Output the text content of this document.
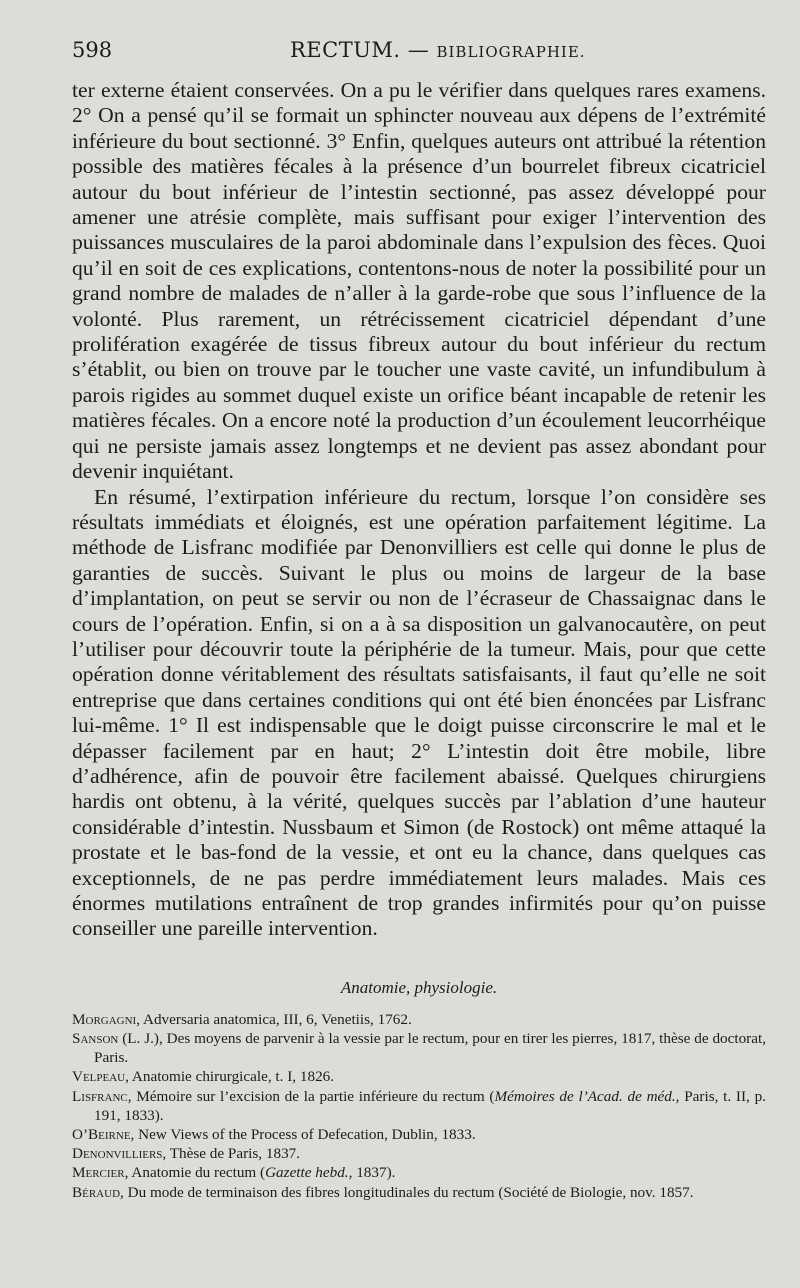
598	RECTUM. — BIBLIOGRAPHIE.

ter externe étaient conservées. On a pu le vérifier dans quelques rares examens. 2° On a pensé qu’il se formait un sphincter nouveau aux dépens de l’extrémité inférieure du bout sectionné. 3° Enfin, quelques auteurs ont attribué la rétention possible des matières fécales à la présence d’un bourrelet fibreux cicatriciel autour du bout inférieur de l’intestin sectionné, pas assez développé pour amener une atrésie complète, mais suffisant pour exiger l’intervention des puissances musculaires de la paroi abdominale dans l’expulsion des fèces. Quoi qu’il en soit de ces explications, contentons-nous de noter la possibilité pour un grand nombre de malades de n’aller à la garde-robe que sous l’influence de la volonté. Plus rarement, un rétrécissement cicatriciel dépendant d’une prolifération exagérée de tissus fibreux autour du bout inférieur du rectum s’établit, ou bien on trouve par le toucher une vaste cavité, un infundibulum à parois rigides au sommet duquel existe un orifice béant incapable de retenir les matières fécales. On a encore noté la production d’un écoulement leucorrhéique qui ne persiste jamais assez longtemps et ne devient pas assez abondant pour devenir inquiétant.

En résumé, l’extirpation inférieure du rectum, lorsque l’on considère ses résultats immédiats et éloignés, est une opération parfaitement légitime. La méthode de Lisfranc modifiée par Denonvilliers est celle qui donne le plus de garanties de succès. Suivant le plus ou moins de largeur de la base d’implantation, on peut se servir ou non de l’écraseur de Chassaignac dans le cours de l’opération. Enfin, si on a à sa disposition un galvanocautère, on peut l’utiliser pour découvrir toute la périphérie de la tumeur. Mais, pour que cette opération donne véritablement des résultats satisfaisants, il faut qu’elle ne soit entreprise que dans certaines conditions qui ont été bien énoncées par Lisfranc lui-même. 1° Il est indispensable que le doigt puisse circonscrire le mal et le dépasser facilement par en haut; 2° L’intestin doit être mobile, libre d’adhérence, afin de pouvoir être facilement abaissé. Quelques chirurgiens hardis ont obtenu, à la vérité, quelques succès par l’ablation d’une hauteur considérable d’intestin. Nussbaum et Simon (de Rostock) ont même attaqué la prostate et le bas-fond de la vessie, et ont eu la chance, dans quelques cas exceptionnels, de ne pas perdre immédiatement leurs malades. Mais ces énormes mutilations entraînent de trop grandes infirmités pour qu’on puisse conseiller une pareille intervention.

Anatomie, physiologie.
Morgagni, Adversaria anatomica, III, 6, Venetiis, 1762.
Sanson (L. J.), Des moyens de parvenir à la vessie par le rectum, pour en tirer les pierres, 1817, thèse de doctorat, Paris.
Velpeau, Anatomie chirurgicale, t. I, 1826.
Lisfranc, Mémoire sur l’excision de la partie inférieure du rectum (Mémoires de l’Acad. de méd., Paris, t. II, p. 191, 1833).
O’Beirne, New Views of the Process of Defecation, Dublin, 1833.
Denonvilliers, Thèse de Paris, 1837.
Mercier, Anatomie du rectum (Gazette hebd., 1837).
Béraud, Du mode de terminaison des fibres longitudinales du rectum (Société de Biologie, nov. 1857.
